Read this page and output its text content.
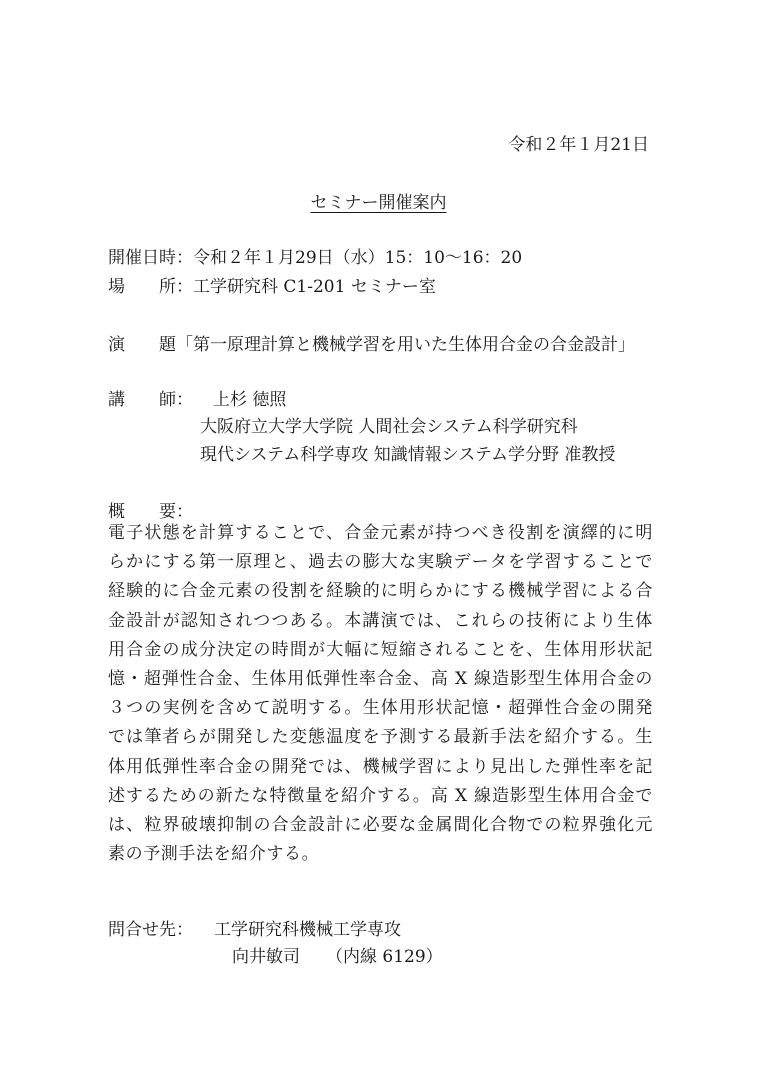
令和２年１月21日
セミナー開催案内
開催日時：令和２年１月29日（水）15：10～16：20
場 所：工学研究科 C1-201 セミナー室
演 題「第一原理計算と機械学習を用いた生体用合金の合金設計」
講 師： 上杉 徳照
大阪府立大学大学院 人間社会システム科学研究科
現代システム科学専攻 知識情報システム学分野 准教授
概 要：
電子状態を計算することで、合金元素が持つべき役割を演繹的に明らかにする第一原理と、過去の膨大な実験データを学習することで経験的に合金元素の役割を経験的に明らかにする機械学習による合金設計が認知されつつある。本講演では、これらの技術により生体用合金の成分決定の時間が大幅に短縮されることを、生体用形状記憶・超弾性合金、生体用低弾性率合金、高 X 線造影型生体用合金の３つの実例を含めて説明する。生体用形状記憶・超弾性合金の開発では筆者らが開発した変態温度を予測する最新手法を紹介する。生体用低弾性率合金の開発では、機械学習により見出した弾性率を記述するための新たな特徴量を紹介する。高 X 線造影型生体用合金では、粒界破壊抑制の合金設計に必要な金属間化合物での粒界強化元素の予測手法を紹介する。
問合せ先： 工学研究科機械工学専攻
向井敏司 （内線 6129）
